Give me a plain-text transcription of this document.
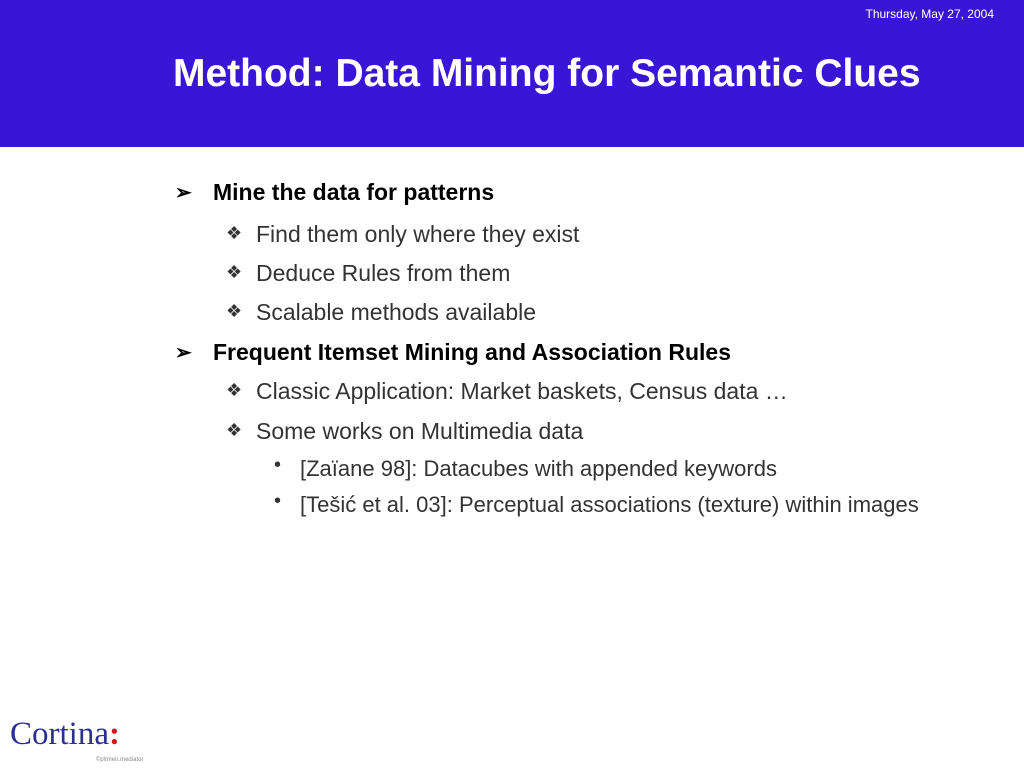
Thursday, May 27, 2004
Method: Data Mining for Semantic Clues
➢ Mine the data for patterns
❖ Find them only where they exist
❖ Deduce Rules from them
❖ Scalable methods available
➢ Frequent Itemset Mining and Association Rules
❖ Classic Application: Market baskets, Census data …
❖ Some works on Multimedia data
• [Zaïane 98]: Datacubes with appended keywords
• [Tešić et al. 03]: Perceptual associations (texture) within images
Cortina:
©pitmen.mediator
